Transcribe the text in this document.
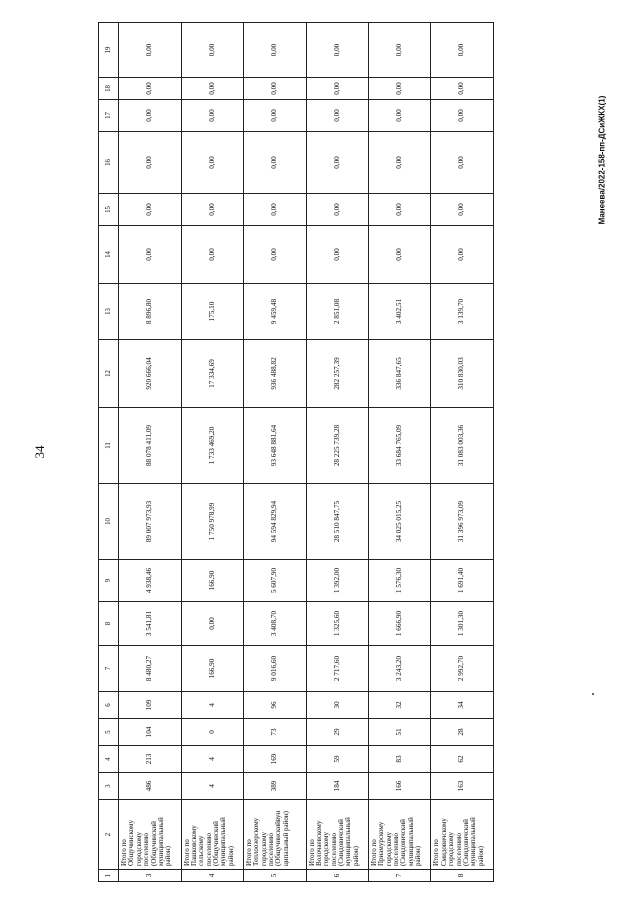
34
Манеева/2022-158-пп-ДСиЖКХ(1)
1	2	3	4	5	6	7	8	9	10	11	12	13	14	15	16	17	18	19
3	Итого по Общучинскому городскому поселению (Общучинский муниципальный район)	486	213	104	109	8 480,27	3 541,81	4 938,46	89 007 973,93	88 078 411,09	920 666,04	8 896,80	0,00	0,00	0,00	0,00	0,00	0,00
4	Итого по Пашковскому сельскому поселению (Общучинский муниципальный район)	4	4	0	4	166,90	0,00	166,90	1 750 978,99	1 733 469,20	17 334,69	175,10	0,00	0,00	0,00	0,00	0,00	0,00
5	Итого по Теплоозерскому городскому поселению (Общучинскийвун ципальный район)	389	169	73	96	9 016,60	3 408,70	5 607,90	94 594 829,94	93 648 881,64	936 488,82	9 459,48	0,00	0,00	0,00	0,00	0,00	0,00
6	Итого по Волочаевскому городскому поселению (Смидовичский муниципальный район)	184	59	29	30	2 717,60	1 325,60	1 392,00	28 510 847,75	28 225 739,28	282 257,39	2 851,08	0,00	0,00	0,00	0,00	0,00	0,00
7	Итого по Приамурскому городскому поселению (Смидовичский муниципальный район)	166	83	51	32	3 243,20	1 666,90	1 576,30	34 025 015,25	33 684 765,09	336 847,65	3 402,51	0,00	0,00	0,00	0,00	0,00	0,00
8	Итого по Смидовичскому городскому поселению (Смидовичский муниципальный район)	163	62	28	34	2 992,70	1 301,30	1 691,40	31 396 973,09	31 083 003,36	310 830,03	3 139,70	0,00	0,00	0,00	0,00	0,00	0,00
